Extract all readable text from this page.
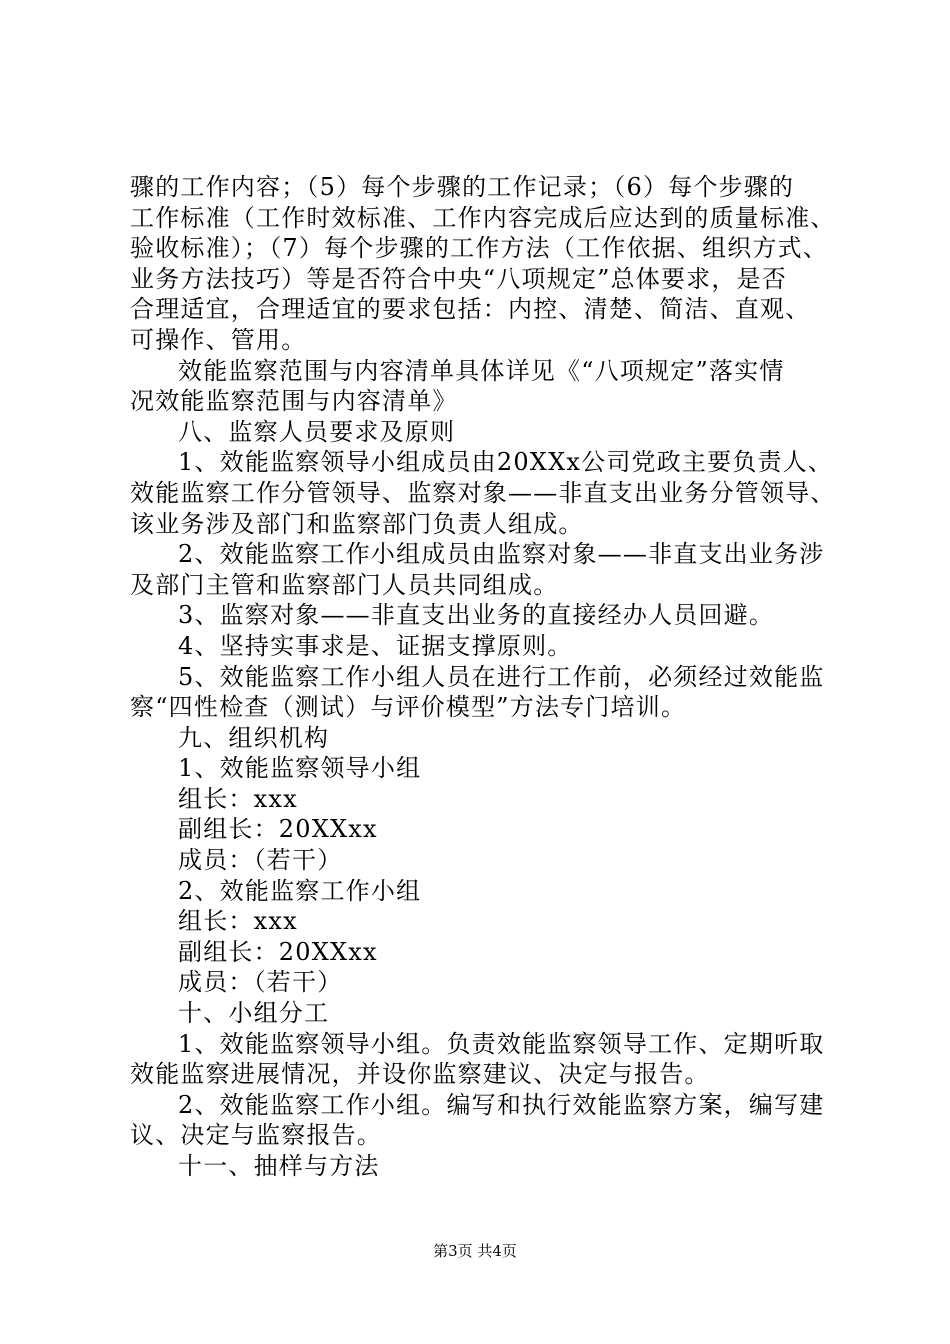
骤的工作内容；（5）每个步骤的工作记录；（6）每个步骤的
工作标准（工作时效标准、工作内容完成后应达到的质量标准、
验收标准）；（7）每个步骤的工作方法（工作依据、组织方式、
业务方法技巧）等是否符合中央“八项规定”总体要求，是否
合理适宜，合理适宜的要求包括：内控、清楚、简洁、直观、
可操作、管用。
效能监察范围与内容清单具体详见《“八项规定”落实情
况效能监察范围与内容清单》
八、监察人员要求及原则
1、效能监察领导小组成员由20XXx公司党政主要负责人、
效能监察工作分管领导、监察对象——非直支出业务分管领导、
该业务涉及部门和监察部门负责人组成。
2、效能监察工作小组成员由监察对象——非直支出业务涉
及部门主管和监察部门人员共同组成。
3、监察对象——非直支出业务的直接经办人员回避。
4、坚持实事求是、证据支撑原则。
5、效能监察工作小组人员在进行工作前，必须经过效能监
察“四性检查（测试）与评价模型”方法专门培训。
九、组织机构
1、效能监察领导小组
组长：xxx
副组长：20XXxx
成员：（若干）
2、效能监察工作小组
组长：xxx
副组长：20XXxx
成员：（若干）
十、小组分工
1、效能监察领导小组。负责效能监察领导工作、定期听取
效能监察进展情况，并设你监察建议、决定与报告。
2、效能监察工作小组。编写和执行效能监察方案，编写建
议、决定与监察报告。
十一、抽样与方法
第3页 共4页
